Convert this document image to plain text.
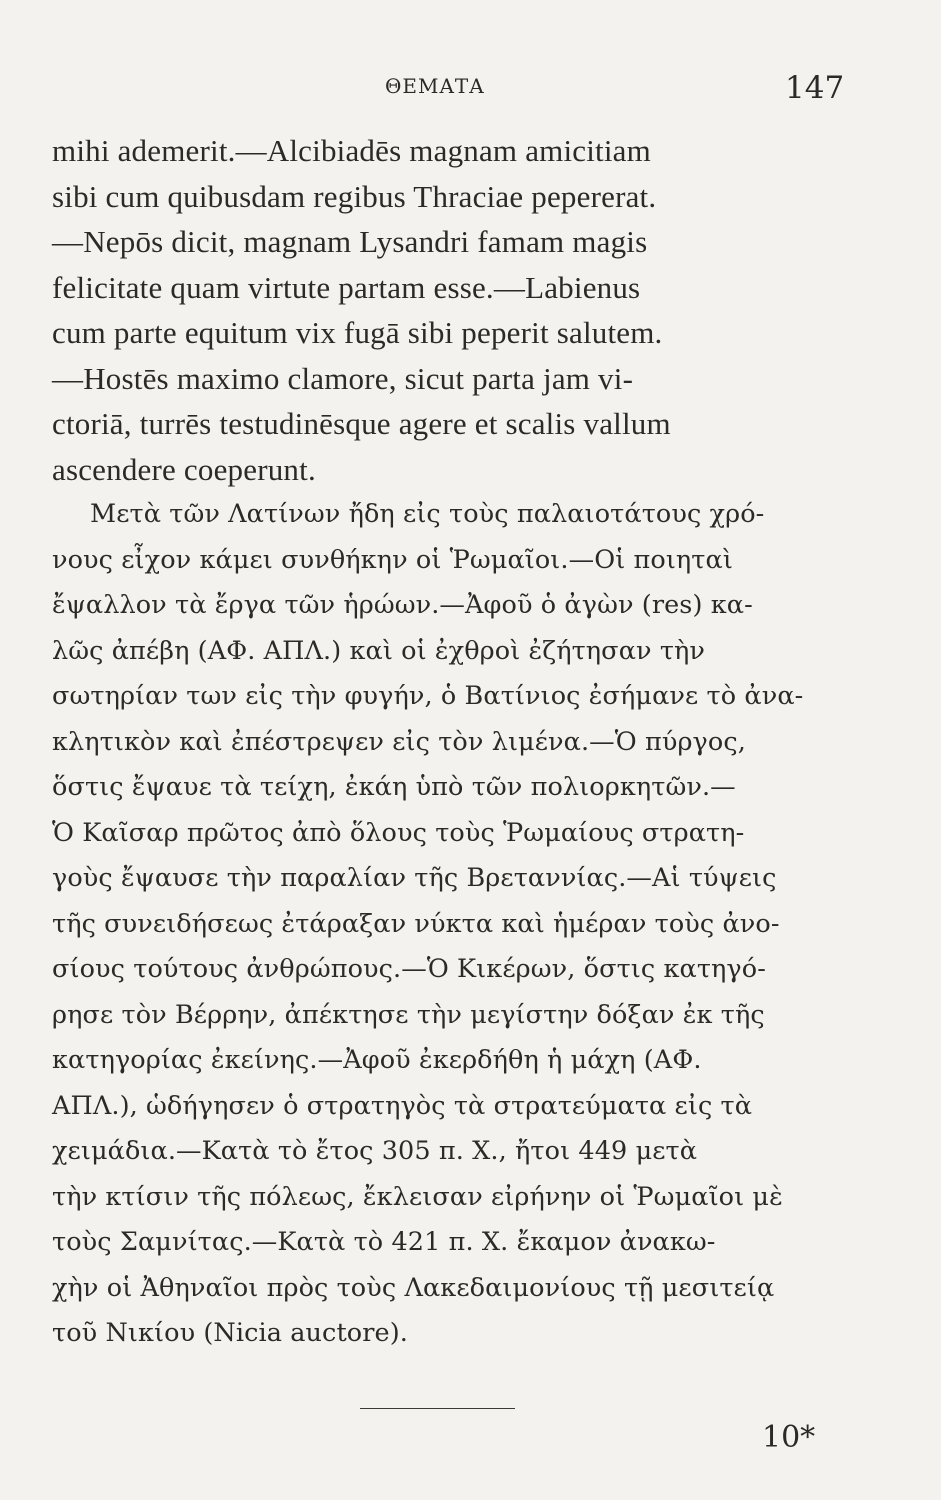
ΘΕΜΑΤΑ	147
mihi ademerit.—Alcibiadēs magnam amicitiam
sibi cum quibusdam regibus Thraciae pepererat.
—Nepōs dicit, magnam Lysandri famam magis
felicitate quam virtute partam esse.—Labienus
cum parte equitum vix fugā sibi peperit salutem.
—Hostēs maximo clamore, sicut parta jam vi-
ctoriā, turrēs testudinēsque agere et scalis vallum
ascendere coeperunt.
Μετὰ τῶν Λατίνων ἤδη εἰς τοὺς παλαιοτάτους χρό-
νους εἶχον κάμει συνθήκην οἱ Ῥωμαῖοι.—Οἱ ποιηταὶ
ἔψαλλον τὰ ἔργα τῶν ἡρώων.—Ἀφοῦ ὁ ἀγὼν (res) κα-
λῶς ἀπέβη (ΑΦ. ΑΠΛ.) καὶ οἱ ἐχθροὶ ἐζήτησαν τὴν
σωτηρίαν των εἰς τὴν φυγήν, ὁ Βατίνιος ἐσήμανε τὸ ἀνα-
κλητικὸν καὶ ἐπέστρεψεν εἰς τὸν λιμένα.—Ὁ πύργος,
ὅστις ἔψαυε τὰ τείχη, ἐκάη ὑπὸ τῶν πολιορκητῶν.—
Ὁ Καῖσαρ πρῶτος ἀπὸ ὅλους τοὺς Ῥωμαίους στρατη-
γοὺς ἔψαυσε τὴν παραλίαν τῆς Βρεταννίας.—Αἱ τύψεις
τῆς συνειδήσεως ἐτάραξαν νύκτα καὶ ἡμέραν τοὺς ἀνο-
σίους τούτους ἀνθρώπους.—Ὁ Κικέρων, ὅστις κατηγό-
ρησε τὸν Βέρρην, ἀπέκτησε τὴν μεγίστην δόξαν ἐκ τῆς
κατηγορίας ἐκείνης.—Ἀφοῦ ἐκερδήθη ἡ μάχη (ΑΦ.
ΑΠΛ.), ὡδήγησεν ὁ στρατηγὸς τὰ στρατεύματα εἰς τὰ
χειμάδια.—Κατὰ τὸ ἔτος 305 π. Χ., ἤτοι 449 μετὰ
τὴν κτίσιν τῆς πόλεως, ἔκλεισαν εἰρήνην οἱ Ῥωμαῖοι μὲ
τοὺς Σαμνίτας.—Κατὰ τὸ 421 π. Χ. ἔκαμον ἀνακω-
χὴν οἱ Ἀθηναῖοι πρὸς τοὺς Λακεδαιμονίους τῇ μεσιτείᾳ
τοῦ Νικίου (Nicia auctore).
10*
